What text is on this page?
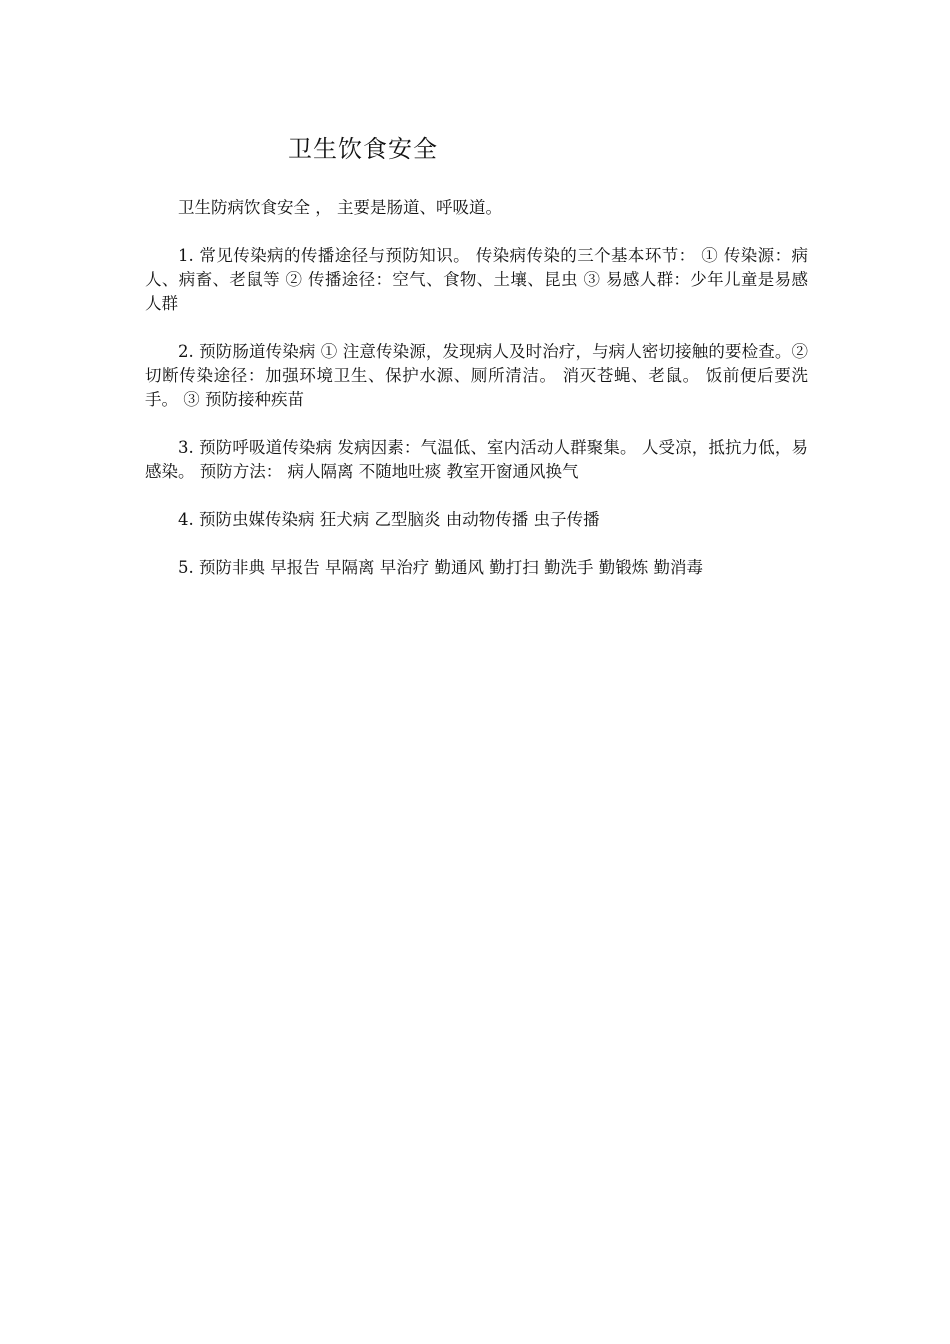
卫生饮食安全

卫生防病饮食安全 ， 主要是肠道、呼吸道。

1. 常见传染病的传播途径与预防知识。 传染病传染的三个基本环节： ① 传染源：病人、病畜、老鼠等 ② 传播途径：空气、食物、土壤、昆虫 ③ 易感人群：少年儿童是易感人群

2. 预防肠道传染病 ① 注意传染源，发现病人及时治疗，与病人密切接触的要检查。② 切断传染途径：加强环境卫生、保护水源、厕所清洁。 消灭苍蝇、老鼠。 饭前便后要洗手。 ③ 预防接种疾苗

3. 预防呼吸道传染病 发病因素：气温低、室内活动人群聚集。 人受凉，抵抗力低，易感染。 预防方法： 病人隔离 不随地吐痰 教室开窗通风换气

4. 预防虫媒传染病 狂犬病 乙型脑炎 由动物传播 虫子传播

5. 预防非典 早报告 早隔离 早治疗 勤通风 勤打扫 勤洗手 勤锻炼 勤消毒
